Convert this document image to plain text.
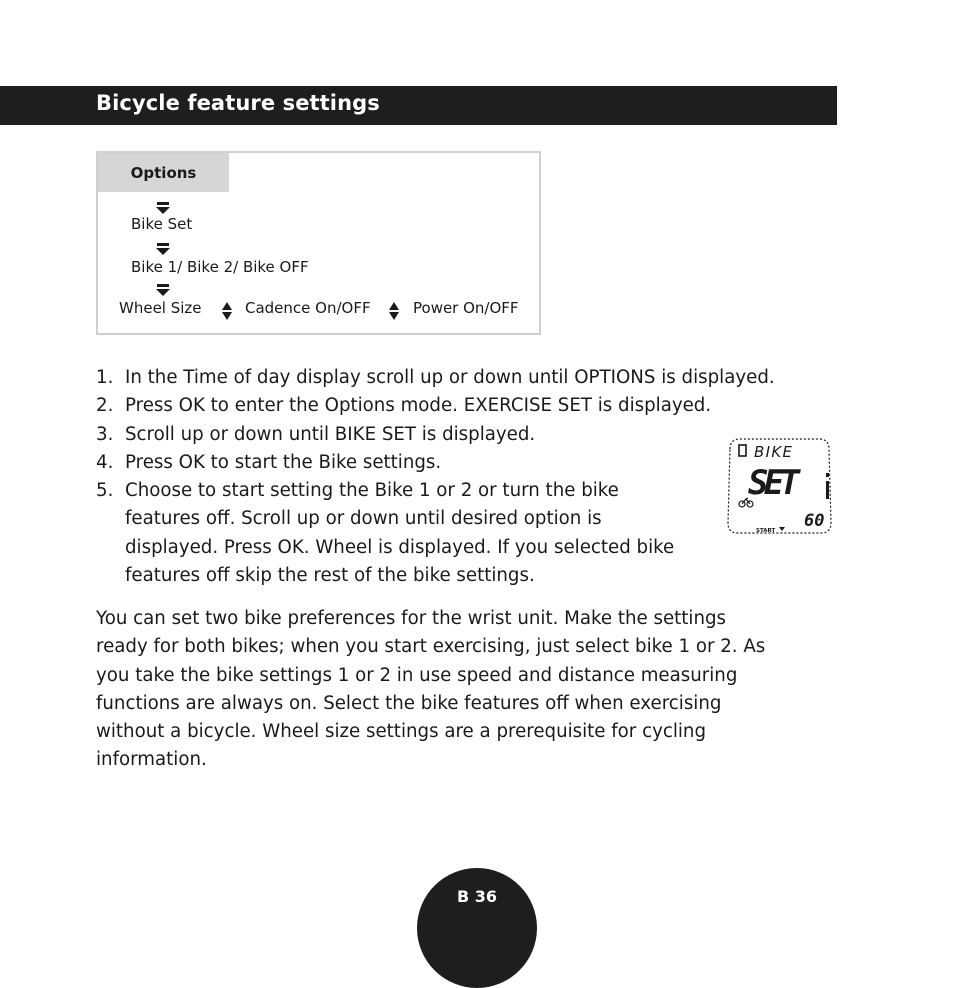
Bicycle feature settings
Options
Bike Set
Bike 1/ Bike 2/ Bike OFF
Wheel Size	Cadence On/OFF	Power On/OFF
1. In the Time of day display scroll up or down until OPTIONS is displayed.
2. Press OK to enter the Options mode. EXERCISE SET is displayed.
3. Scroll up or down until BIKE SET is displayed.
4. Press OK to start the Bike settings.
5. Choose to start setting the Bike 1 or 2 or turn the bike
features off. Scroll up or down until desired option is
displayed. Press OK. Wheel is displayed. If you selected bike
features off skip the rest of the bike settings.
BIKE
SET
60
START

You can set two bike preferences for the wrist unit. Make the settings
ready for both bikes; when you start exercising, just select bike 1 or 2. As
you take the bike settings 1 or 2 in use speed and distance measuring
functions are always on. Select the bike features off when exercising
without a bicycle. Wheel size settings are a prerequisite for cycling
information.

B 36
